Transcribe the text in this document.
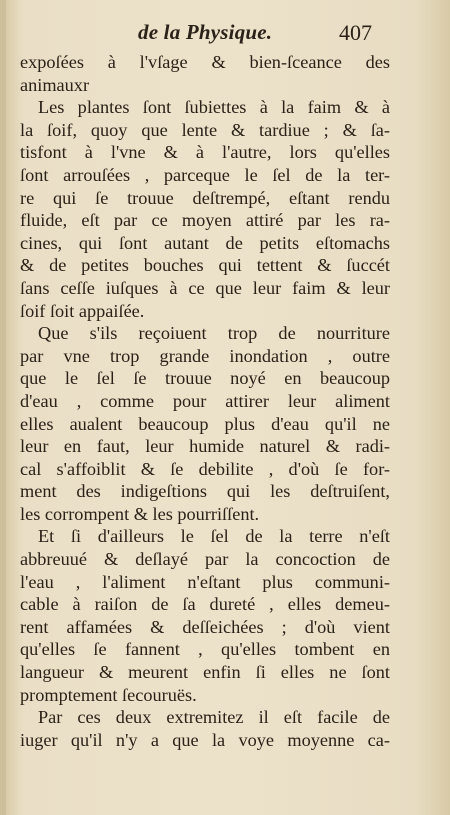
de la Physique.	407
expoſées à l'vſage & bien-ſceance des
animauxr
Les plantes ſont ſubiettes à la faim & à
la ſoif, quoy que lente & tardiue ; & ſa-
tisfont à l'vne & à l'autre, lors qu'elles
ſont arrouſées , parceque le ſel de la ter-
re qui ſe trouue deſtrempé, eſtant rendu
fluide, eſt par ce moyen attiré par les ra-
cines, qui ſont autant de petits eſtomachs
& de petites bouches qui tettent & ſuccét
ſans ceſſe iuſques à ce que leur faim & leur
ſoif ſoit appaiſée.
Que s'ils reçoiuent trop de nourriture
par vne trop grande inondation , outre
que le ſel ſe trouue noyé en beaucoup
d'eau , comme pour attirer leur aliment
elles aualent beaucoup plus d'eau qu'il ne
leur en faut, leur humide naturel & radi-
cal s'affoiblit & ſe debilite , d'où ſe for-
ment des indigeſtions qui les deſtruiſent,
les corrompent & les pourriſſent.
Et ſi d'ailleurs le ſel de la terre n'eſt
abbreuué & deſlayé par la concoction de
l'eau , l'aliment n'eſtant plus communi-
cable à raiſon de ſa dureté , elles demeu-
rent affamées & deſſeichées ; d'où vient
qu'elles ſe fannent , qu'elles tombent en
langueur & meurent enfin ſi elles ne ſont
promptement ſecouruës.
Par ces deux extremitez il eſt facile de
iuger qu'il n'y a que la voye moyenne ca-
